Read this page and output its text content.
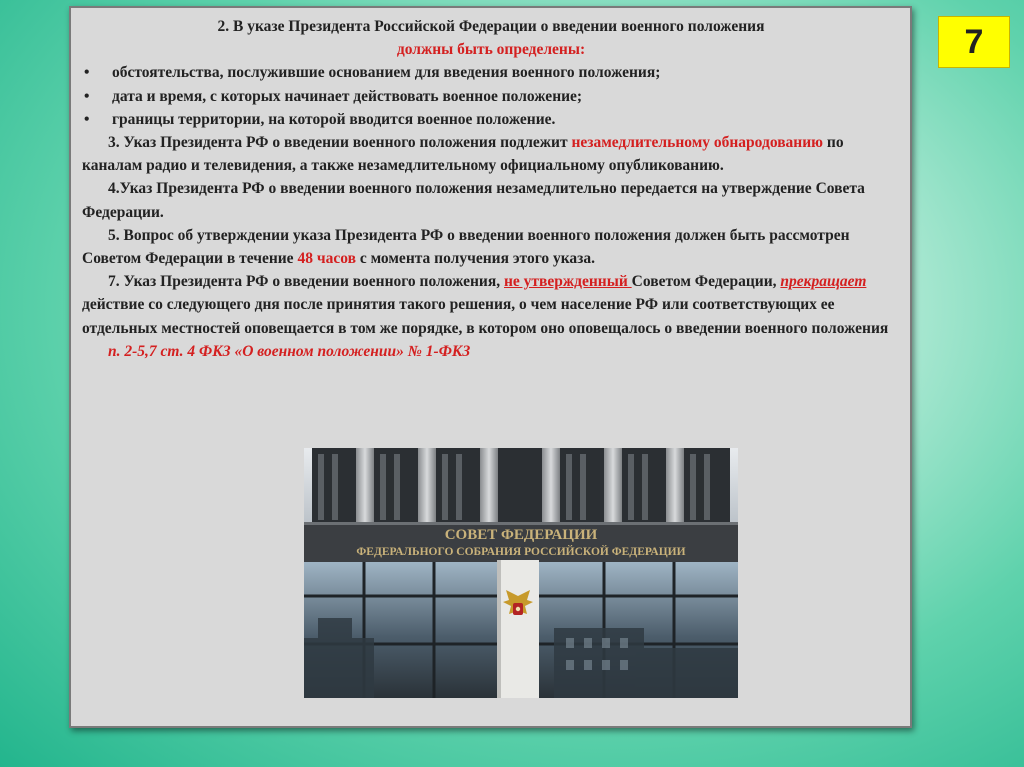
2. В указе Президента Российской Федерации о введении военного положения

должны быть определены:

• обстоятельства, послужившие основанием для введения военного положения;

• дата и время, с которых начинает действовать военное положение;

• границы территории, на которой вводится военное положение.

3. Указ Президента РФ о введении военного положения подлежит незамедлительному обнародованию по каналам радио и телевидения, а также незамедлительному официальному опубликованию.

4.Указ Президента РФ о введении военного положения незамедлительно передается на утверждение Совета Федерации.

5. Вопрос об утверждении указа Президента РФ о введении военного положения должен быть рассмотрен Советом Федерации в течение 48 часов с момента получения этого указа.

7. Указ Президента РФ о введении военного положения, не утвержденный Советом Федерации, прекращает действие со следующего дня после принятия такого решения, о чем население РФ или соответствующих ее отдельных местностей оповещается в том же порядке, в котором оно оповещалось о введении военного положения

п. 2-5,7 ст. 4 ФКЗ «О военном положении» № 1-ФКЗ

СОВЕТ ФЕДЕРАЦИИ
ФЕДЕРАЛЬНОГО СОБРАНИЯ РОССИЙСКОЙ ФЕДЕРАЦИИ
7
